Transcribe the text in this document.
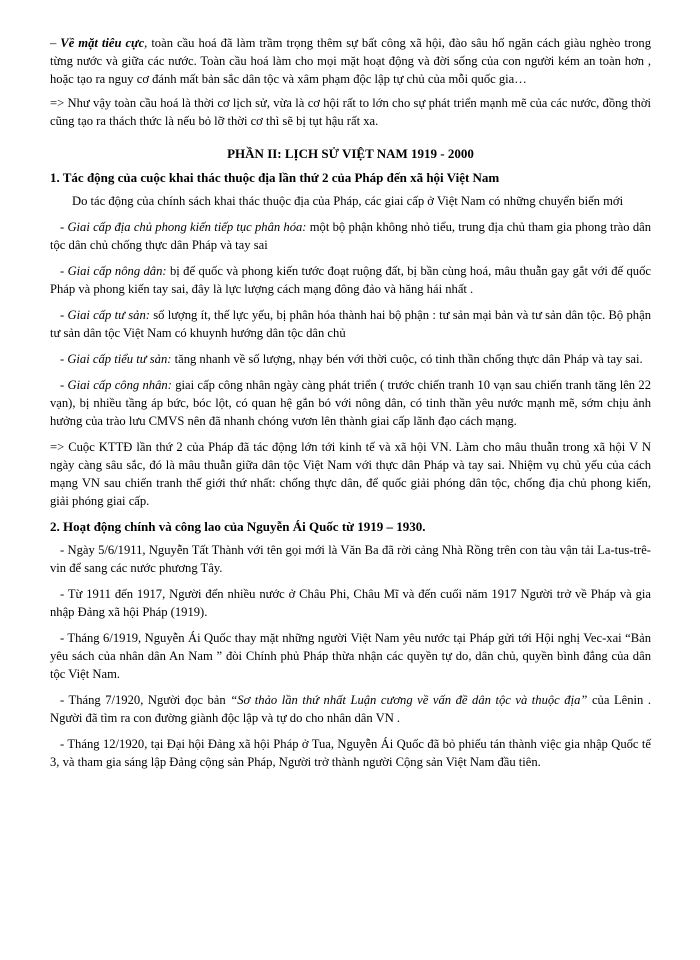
– Về mặt tiêu cực, toàn cầu hoá đã làm trầm trọng thêm sự bất công xã hội, đào sâu hố ngăn cách giàu nghèo trong từng nước và giữa các nước. Toàn cầu hoá làm cho mọi mặt hoạt động và đời sống của con người kém an toàn hơn , hoặc tạo ra nguy cơ đánh mất bản sắc dân tộc và xâm phạm độc lập tự chủ của mỗi quốc gia…

=> Như vậy toàn cầu hoá là thời cơ lịch sử, vừa là cơ hội rất to lớn cho sự phát triển mạnh mẽ của các nước, đồng thời cũng tạo ra thách thức là nếu bỏ lỡ thời cơ thì sẽ bị tụt hậu rất xa.

PHẦN II: LỊCH SỬ VIỆT NAM 1919 - 2000
1. Tác động của cuộc khai thác thuộc địa lần thứ 2 của Pháp đến xã hội Việt Nam

Do tác động của chính sách khai thác thuộc địa của Pháp, các giai cấp ở Việt Nam có những chuyển biến mới

- Giai cấp địa chủ phong kiến tiếp tục phân hóa: một bộ phận không nhỏ tiểu, trung địa chủ tham gia phong trào dân tộc dân chủ chống thực dân Pháp và tay sai

- Giai cấp nông dân: bị đế quốc và phong kiến tước đoạt ruộng đất, bị bần cùng hoá, mâu thuẫn gay gắt với đế quốc Pháp và phong kiến tay sai, đây là lực lượng cách mạng đông đảo và hăng hái nhất .

- Giai cấp tư sản: số lượng ít, thế lực yếu, bị phân hóa thành hai bộ phận : tư sản mại bản và tư sản dân tộc. Bộ phận tư sản dân tộc Việt Nam có khuynh hướng dân tộc dân chủ

- Giai cấp tiểu tư sản: tăng nhanh về số lượng, nhạy bén với thời cuộc, có tinh thần chống thực dân Pháp và tay sai.

- Giai cấp công nhân: giai cấp công nhân ngày càng phát triển ( trước chiến tranh 10 vạn sau chiến tranh tăng lên 22 vạn), bị nhiều tầng áp bức, bóc lột, có quan hệ gắn bó với nông dân, có tinh thần yêu nước mạnh mẽ, sớm chịu ảnh hưởng của trào lưu CMVS nên đã nhanh chóng vươn lên thành giai cấp lãnh đạo cách mạng.

=> Cuộc KTTĐ lần thứ 2 của Pháp đã tác động lớn tới kinh tế và xã hội VN. Làm cho mâu thuẫn trong xã hội V N ngày càng sâu sắc, đó là mâu thuẫn giữa dân tộc Việt Nam với thực dân Pháp và tay sai. Nhiệm vụ chủ yếu của cách mạng VN sau chiến tranh thế giới thứ nhất: chống thực dân, để quốc giải phóng dân tộc, chống địa chủ phong kiến, giải phóng giai cấp.

2. Hoạt động chính và công lao của Nguyễn Ái Quốc từ 1919 – 1930.

- Ngày 5/6/1911, Nguyễn Tất Thành với tên gọi mới là Văn Ba đã rời cảng Nhà Rồng trên con tàu vận tải La-tus-trê-vin để sang các nước phương Tây.

- Từ 1911 đến 1917, Người đến nhiều nước ở Châu Phi, Châu Mĩ và đến cuối năm 1917 Người trở về Pháp và gia nhập Đảng xã hội Pháp (1919).

- Tháng 6/1919, Nguyễn Ái Quốc thay mặt những người Việt Nam yêu nước tại Pháp gửi tới Hội nghị Vec-xai “Bản yêu sách của nhân dân An Nam ” đòi Chính phủ Pháp thừa nhận các quyền tự do, dân chủ, quyền bình đẳng của dân tộc Việt Nam.

- Tháng 7/1920, Người đọc bản “Sơ thảo lần thứ nhất Luận cương về vấn đề dân tộc và thuộc địa” của Lênin . Người đã tìm ra con đường giành độc lập và tự do cho nhân dân VN .

- Tháng 12/1920, tại Đại hội Đảng xã hội Pháp ở Tua, Nguyễn Ái Quốc đã bỏ phiếu tán thành việc gia nhập Quốc tế 3, và tham gia sáng lập Đảng cộng sản Pháp, Người trở thành người Cộng sản Việt Nam đầu tiên.
